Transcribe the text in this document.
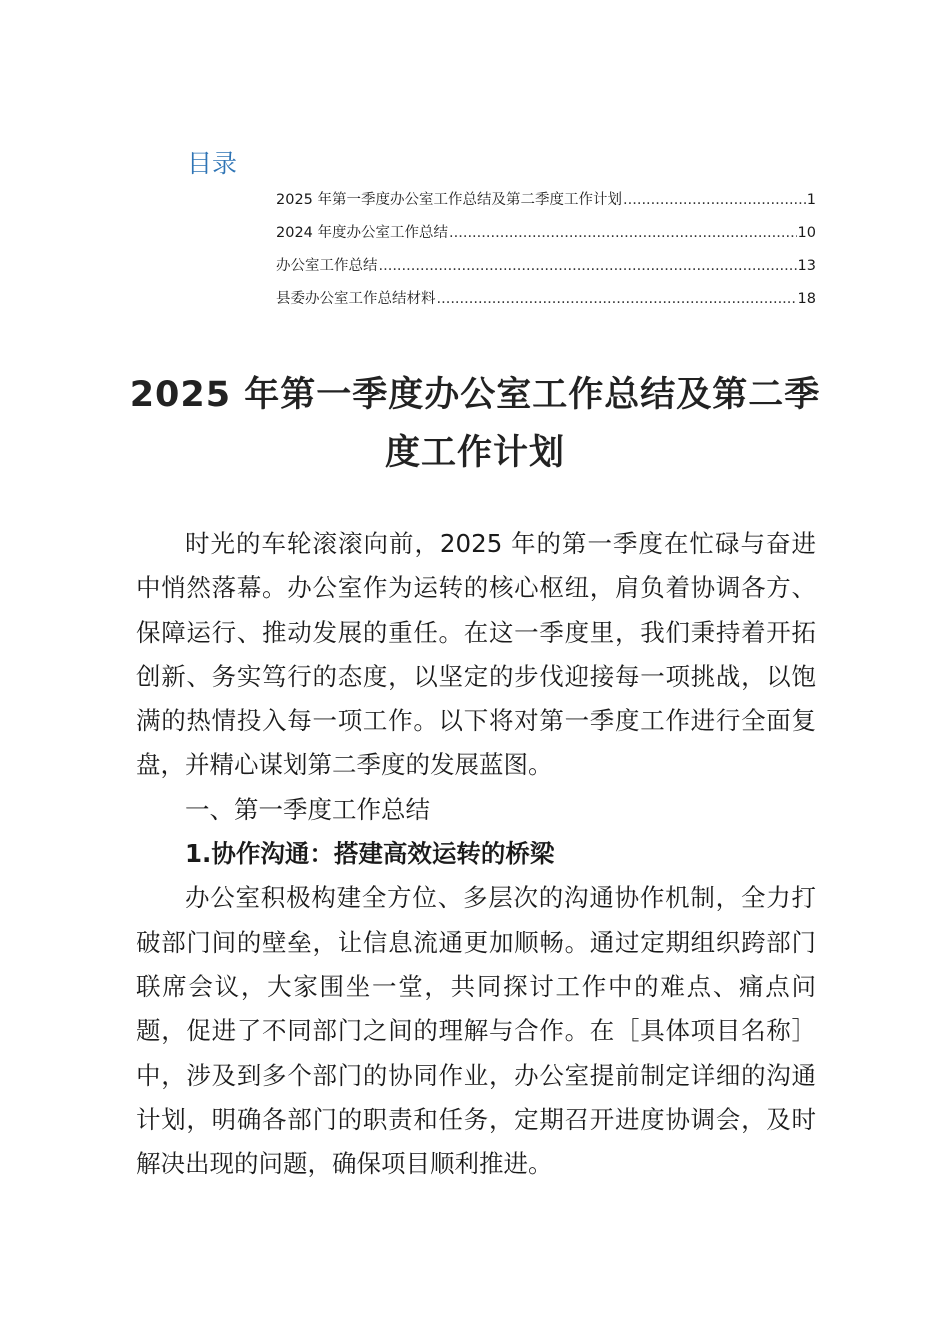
目录
2025 年第一季度办公室工作总结及第二季度工作计划 .....	1
2024 年度办公室工作总结 .....	10
办公室工作总结 .....	13
县委办公室工作总结材料 .....	18
2025 年第一季度办公室工作总结及第二季
度工作计划

时光的车轮滚滚向前，2025 年的第一季度在忙碌与奋进中悄然落幕。办公室作为运转的核心枢纽，肩负着协调各方、保障运行、推动发展的重任。在这一季度里，我们秉持着开拓创新、务实笃行的态度，以坚定的步伐迎接每一项挑战，以饱满的热情投入每一项工作。以下将对第一季度工作进行全面复盘，并精心谋划第二季度的发展蓝图。

一、第一季度工作总结

1.协作沟通：搭建高效运转的桥梁

办公室积极构建全方位、多层次的沟通协作机制，全力打破部门间的壁垒，让信息流通更加顺畅。通过定期组织跨部门联席会议，大家围坐一堂，共同探讨工作中的难点、痛点问题，促进了不同部门之间的理解与合作。在［具体项目名称］中，涉及到多个部门的协同作业，办公室提前制定详细的沟通计划，明确各部门的职责和任务，定期召开进度协调会，及时解决出现的问题，确保项目顺利推进。
